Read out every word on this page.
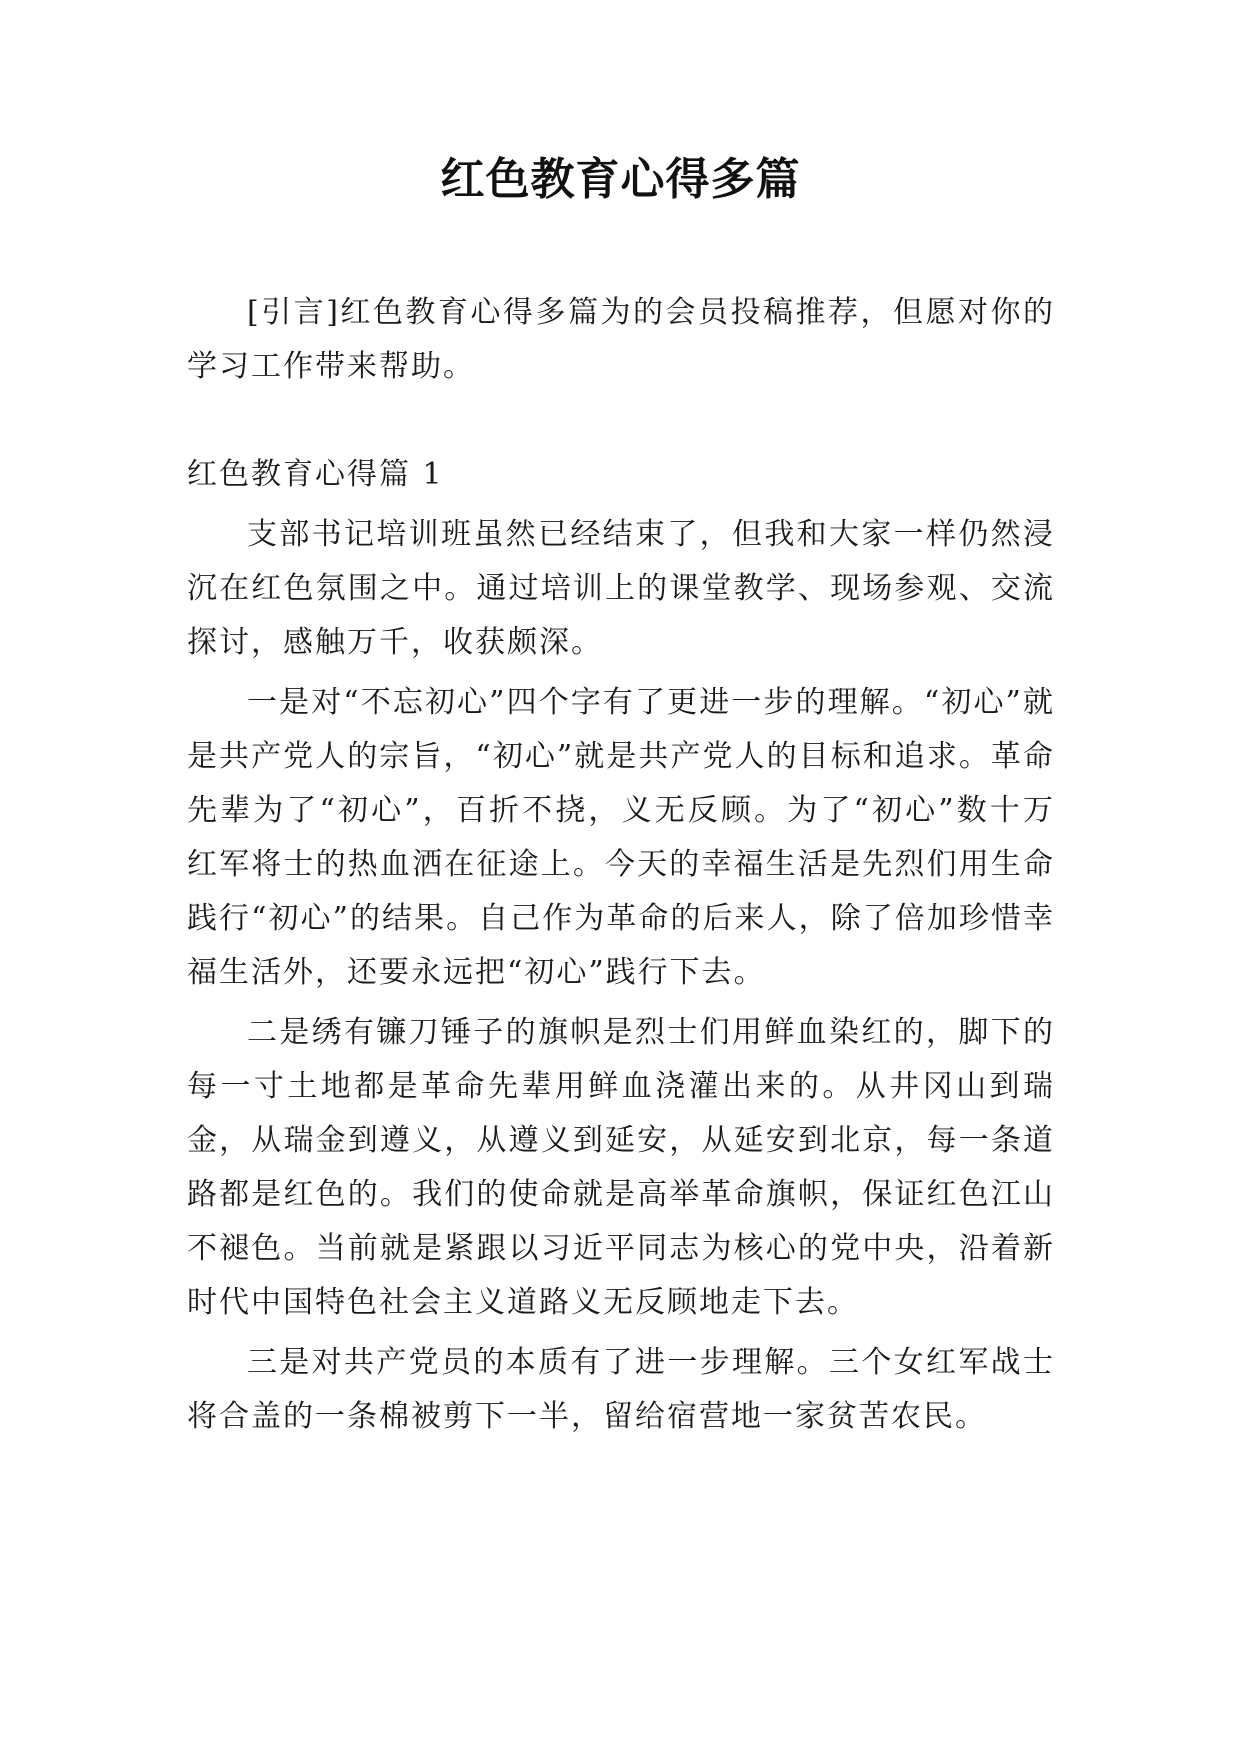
红色教育心得多篇

[引言]红色教育心得多篇为的会员投稿推荐，但愿对你的学习工作带来帮助。

红色教育心得篇 1

支部书记培训班虽然已经结束了，但我和大家一样仍然浸沉在红色氛围之中。通过培训上的课堂教学、现场参观、交流探讨，感触万千，收获颇深。

一是对“不忘初心”四个字有了更进一步的理解。“初心”就是共产党人的宗旨，“初心”就是共产党人的目标和追求。革命先辈为了“初心”，百折不挠，义无反顾。为了“初心”数十万红军将士的热血洒在征途上。今天的幸福生活是先烈们用生命践行“初心”的结果。自己作为革命的后来人，除了倍加珍惜幸福生活外，还要永远把“初心”践行下去。

二是绣有镰刀锤子的旗帜是烈士们用鲜血染红的，脚下的每一寸土地都是革命先辈用鲜血浇灌出来的。从井冈山到瑞金，从瑞金到遵义，从遵义到延安，从延安到北京，每一条道路都是红色的。我们的使命就是高举革命旗帜，保证红色江山不褪色。当前就是紧跟以习近平同志为核心的党中央，沿着新时代中国特色社会主义道路义无反顾地走下去。

三是对共产党员的本质有了进一步理解。三个女红军战士将合盖的一条棉被剪下一半，留给宿营地一家贫苦农民。
